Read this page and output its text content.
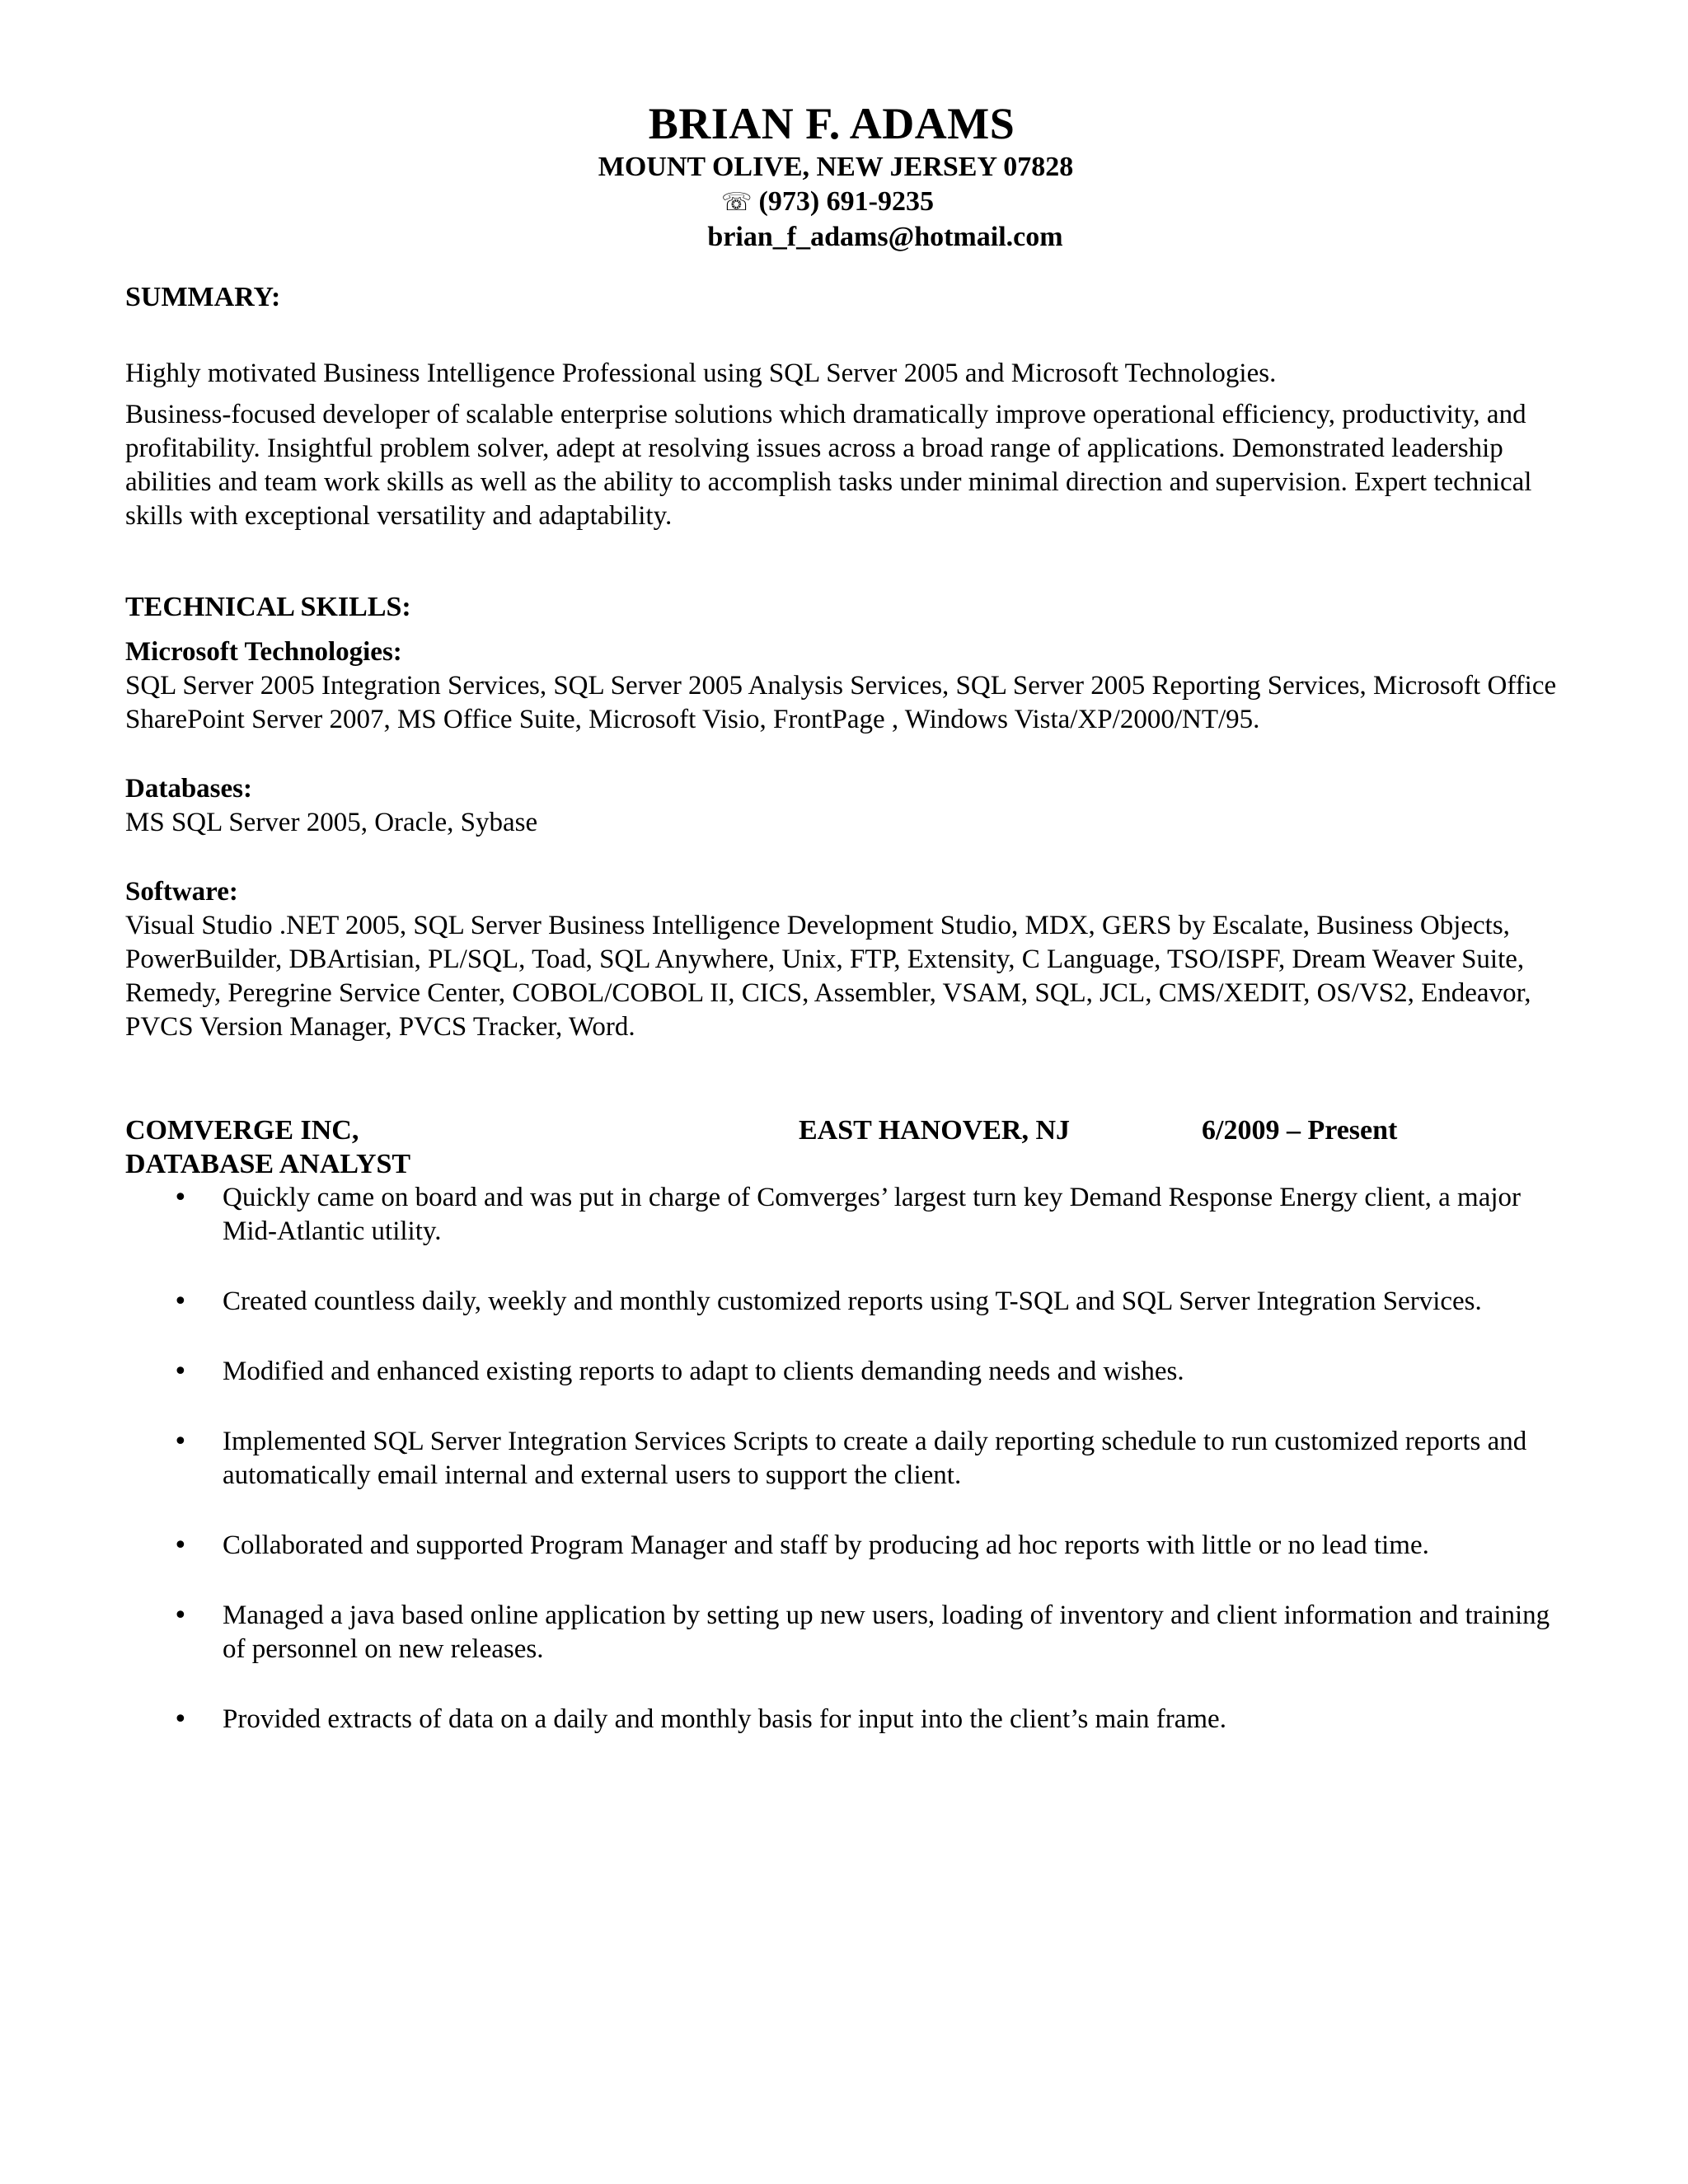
BRIAN F. ADAMS
MOUNT OLIVE, NEW JERSEY 07828
☏ (973) 691-9235
brian_f_adams@hotmail.com
SUMMARY:
Highly motivated Business Intelligence Professional using SQL Server 2005 and Microsoft Technologies.
Business-focused developer of scalable enterprise solutions which dramatically improve operational efficiency, productivity, and profitability. Insightful problem solver, adept at resolving issues across a broad range of applications. Demonstrated leadership abilities and team work skills as well as the ability to accomplish tasks under minimal direction and supervision. Expert technical skills with exceptional versatility and adaptability.
TECHNICAL SKILLS:
Microsoft Technologies:
SQL Server 2005 Integration Services, SQL Server 2005 Analysis Services, SQL Server 2005 Reporting Services, Microsoft Office SharePoint Server 2007, MS Office Suite, Microsoft Visio, FrontPage , Windows Vista/XP/2000/NT/95.
Databases:
MS SQL Server 2005, Oracle, Sybase
Software:
Visual Studio .NET 2005, SQL Server Business Intelligence Development Studio, MDX, GERS by Escalate, Business Objects, PowerBuilder, DBArtisian, PL/SQL, Toad, SQL Anywhere, Unix, FTP, Extensity, C Language, TSO/ISPF, Dream Weaver Suite, Remedy, Peregrine Service Center, COBOL/COBOL II, CICS, Assembler, VSAM, SQL, JCL, CMS/XEDIT, OS/VS2, Endeavor, PVCS Version Manager, PVCS Tracker, Word.
COMVERGE INC,	EAST HANOVER, NJ	6/2009 – Present
DATABASE ANALYST
• Quickly came on board and was put in charge of Comverges’ largest turn key Demand Response Energy client, a major Mid-Atlantic utility.
• Created countless daily, weekly and monthly customized reports using T-SQL and SQL Server Integration Services.
• Modified and enhanced existing reports to adapt to clients demanding needs and wishes.
• Implemented SQL Server Integration Services Scripts to create a daily reporting schedule to run customized reports and automatically email internal and external users to support the client.
• Collaborated and supported Program Manager and staff by producing ad hoc reports with little or no lead time.
• Managed a java based online application by setting up new users, loading of inventory and client information and training of personnel on new releases.
• Provided extracts of data on a daily and monthly basis for input into the client’s main frame.
